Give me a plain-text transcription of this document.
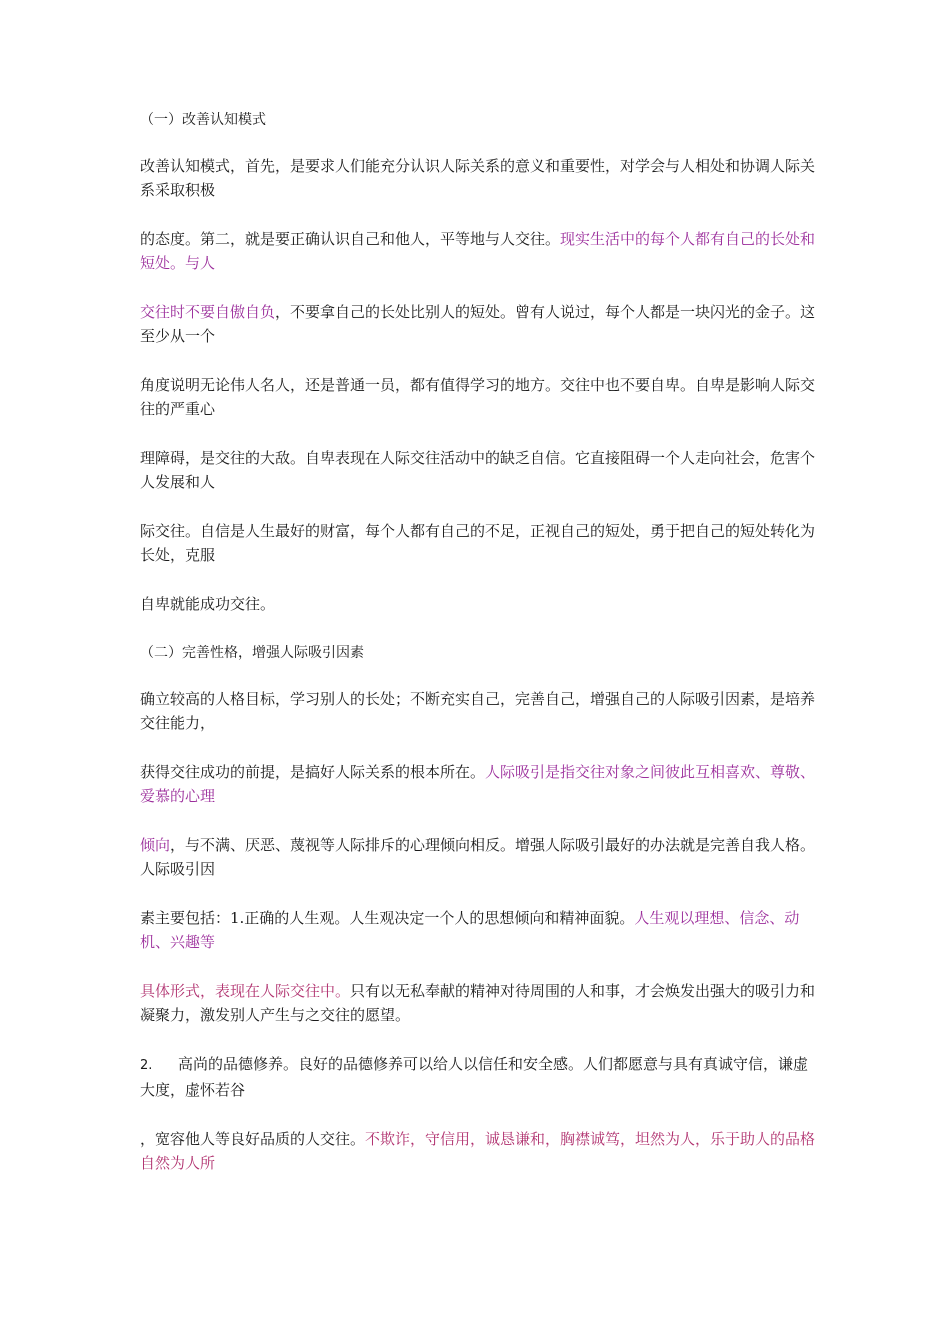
（一）改善认知模式

改善认知模式，首先，是要求人们能充分认识人际关系的意义和重要性，对学会与人相处和协调人际关系采取积极

的态度。第二，就是要正确认识自己和他人，平等地与人交往。现实生活中的每个人都有自己的长处和短处。与人

交往时不要自傲自负，不要拿自己的长处比别人的短处。曾有人说过，每个人都是一块闪光的金子。这至少从一个

角度说明无论伟人名人，还是普通一员，都有值得学习的地方。交往中也不要自卑。自卑是影响人际交往的严重心

理障碍，是交往的大敌。自卑表现在人际交往活动中的缺乏自信。它直接阻碍一个人走向社会，危害个人发展和人

际交往。自信是人生最好的财富，每个人都有自己的不足，正视自己的短处，勇于把自己的短处转化为长处，克服

自卑就能成功交往。

（二）完善性格，增强人际吸引因素

确立较高的人格目标，学习别人的长处；不断充实自己，完善自己，增强自己的人际吸引因素，是培养交往能力，

获得交往成功的前提，是搞好人际关系的根本所在。人际吸引是指交往对象之间彼此互相喜欢、尊敬、爱慕的心理

倾向，与不满、厌恶、蔑视等人际排斥的心理倾向相反。增强人际吸引最好的办法就是完善自我人格。人际吸引因

素主要包括：1.正确的人生观。人生观决定一个人的思想倾向和精神面貌。人生观以理想、信念、动机、兴趣等

具体形式，表现在人际交往中。只有以无私奉献的精神对待周围的人和事，才会焕发出强大的吸引力和凝聚力，激发别人产生与之交往的愿望。

2. 高尚的品德修养。良好的品德修养可以给人以信任和安全感。人们都愿意与具有真诚守信，谦虚大度，虚怀若谷

，宽容他人等良好品质的人交往。不欺诈，守信用，诚恳谦和，胸襟诚笃，坦然为人，乐于助人的品格自然为人所
